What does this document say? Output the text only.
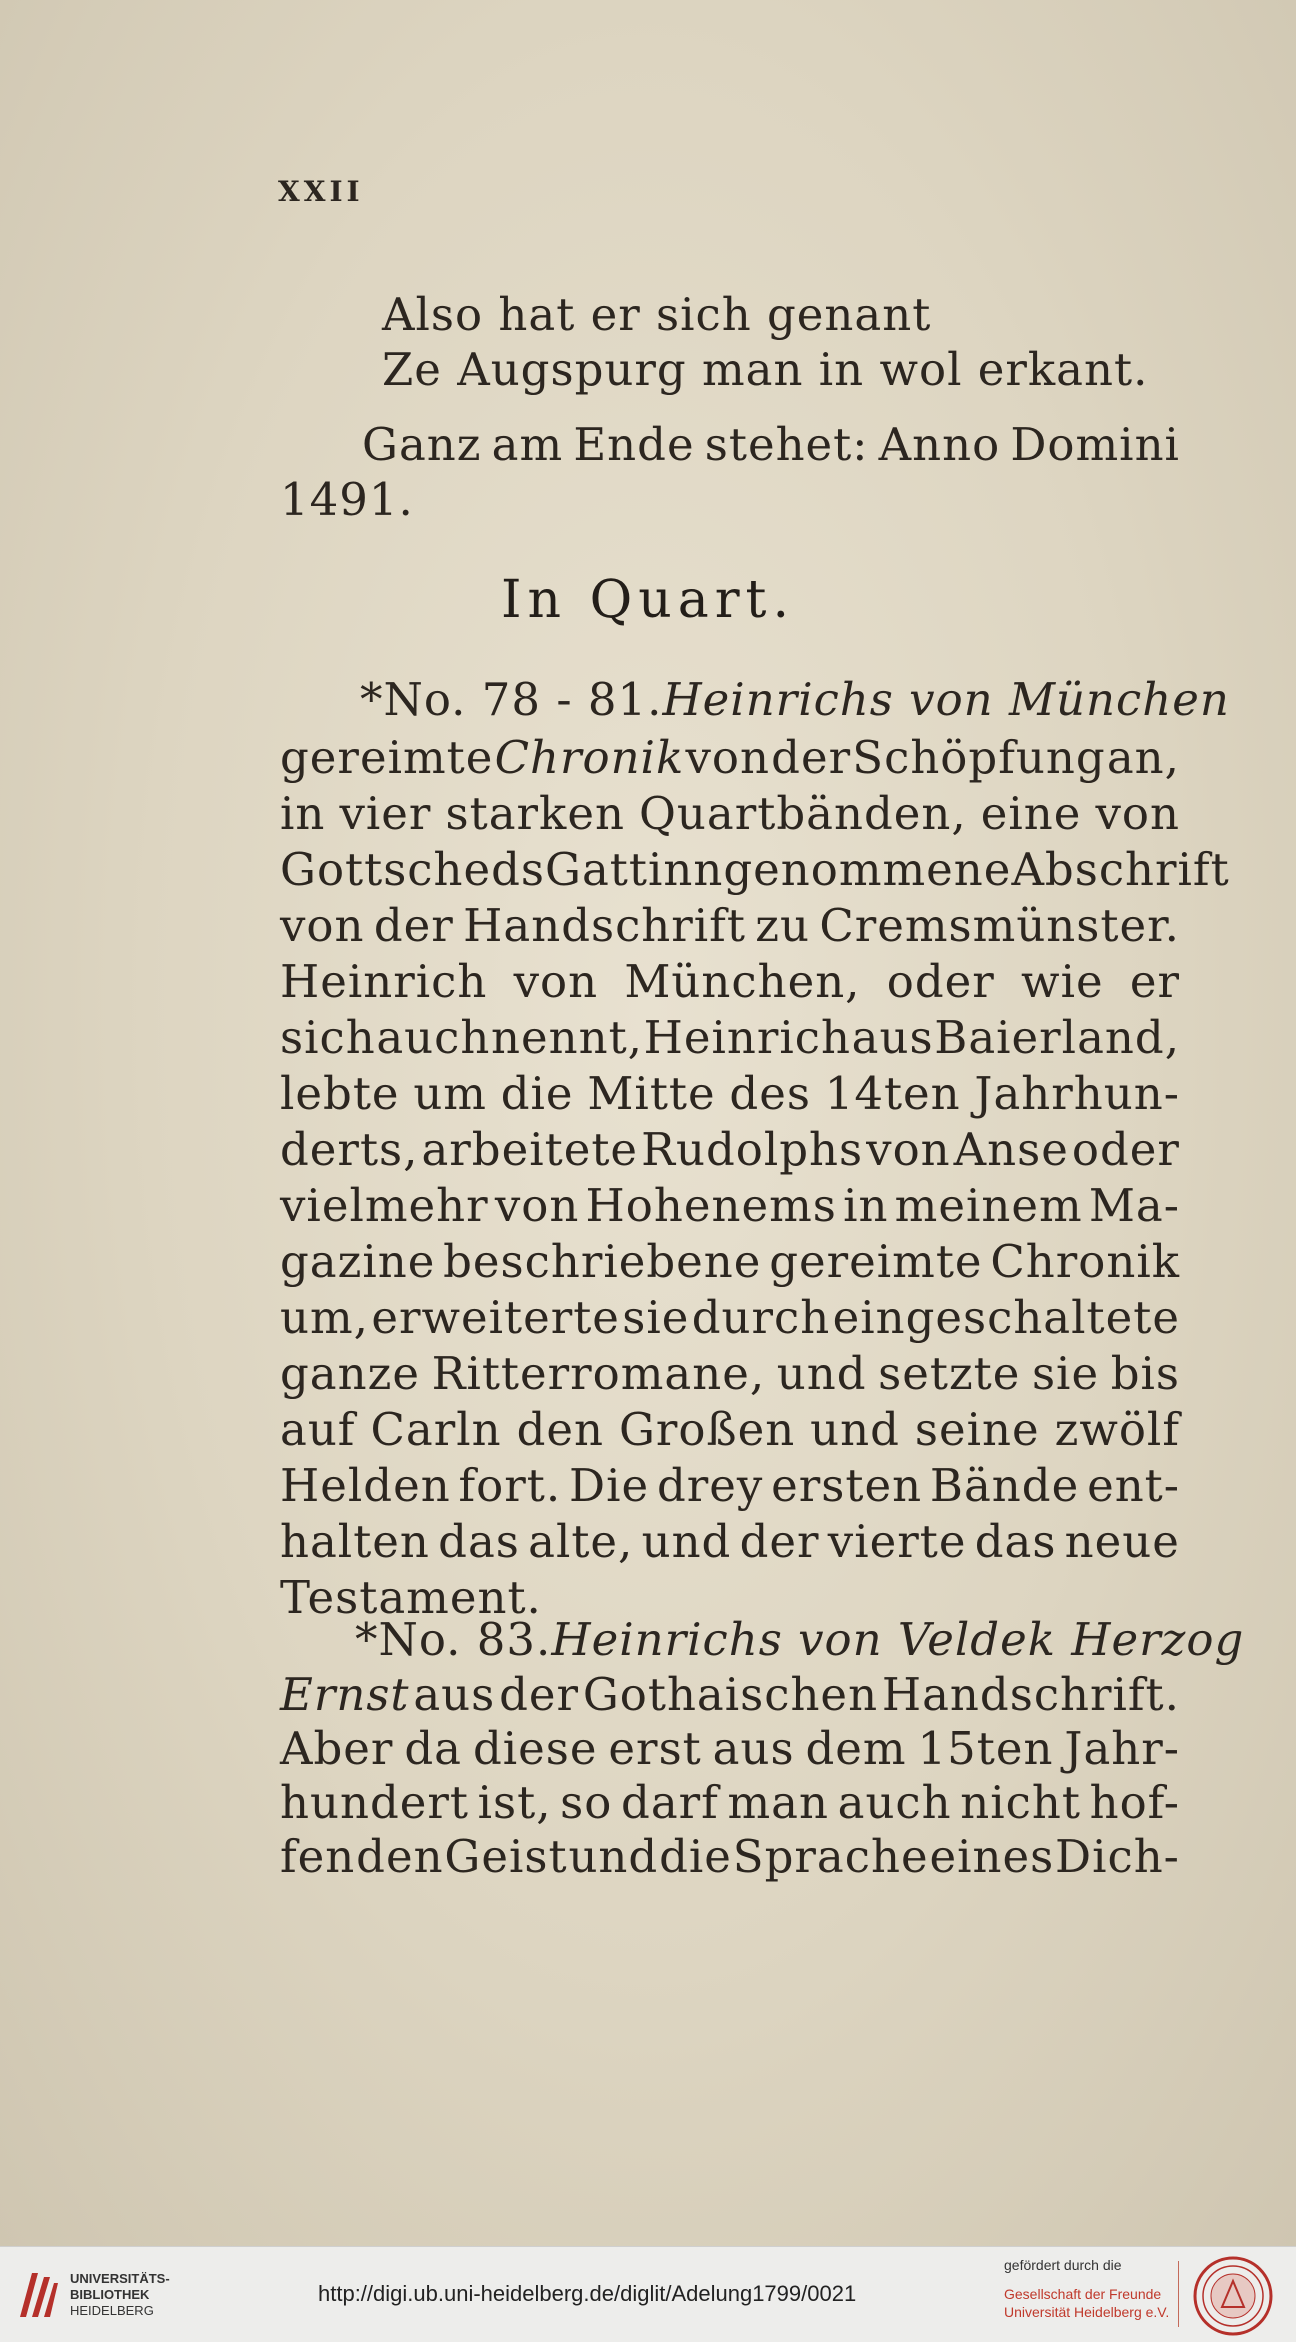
XXII
Also hat er sich genant
Ze Augspurg man in wol erkant.
Ganz am Ende stehet: Anno Domini
1491.
In Quart.
* No. 78 - 81. Heinrichs von München
gereimte Chronik von der Schöpfung an,
in vier starken Quartbänden, eine von
Gottscheds Gattinn genommene Abschrift
von der Handschrift zu Cremsmünster.
Heinrich von München, oder wie er
sich auch nennt, Heinrich aus Baierland,
lebte um die Mitte des 14ten Jahrhun-
derts, arbeitete Rudolphs von Anse oder
vielmehr von Hohenems in meinem Ma-
gazine beschriebene gereimte Chronik
um, erweiterte sie durch eingeschaltete
ganze Ritterromane, und setzte sie bis
auf Carln den Großen und seine zwölf
Helden fort. Die drey ersten Bände ent-
halten das alte, und der vierte das neue
Testament.
* No. 83. Heinrichs von Veldek Herzog
Ernst aus der Gothaischen Handschrift.
Aber da diese erst aus dem 15ten Jahr-
hundert ist, so darf man auch nicht hof-
fen den Geist und die Sprache eines Dich-
UNIVERSITÄTS-
BIBLIOTHEK
HEIDELBERG
http://digi.ub.uni-heidelberg.de/diglit/Adelung1799/0021
gefördert durch die
Gesellschaft der Freunde
Universität Heidelberg e.V.
